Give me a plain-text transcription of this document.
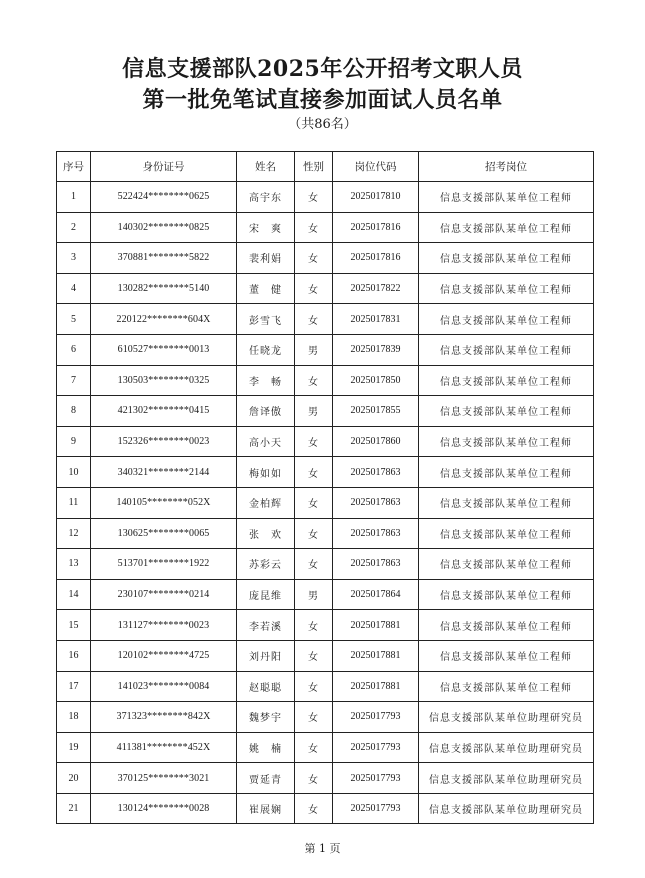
信息支援部队2025年公开招考文职人员
第一批免笔试直接参加面试人员名单
（共86名）
序号	身份证号	姓名	性别	岗位代码	招考岗位
1	522424********0625	高宇东	女	2025017810	信息支援部队某单位工程师
2	140302********0825	宋　爽	女	2025017816	信息支援部队某单位工程师
3	370881********5822	裴利娟	女	2025017816	信息支援部队某单位工程师
4	130282********5140	董　健	女	2025017822	信息支援部队某单位工程师
5	220122********604X	彭雪飞	女	2025017831	信息支援部队某单位工程师
6	610527********0013	任晓龙	男	2025017839	信息支援部队某单位工程师
7	130503********0325	李　畅	女	2025017850	信息支援部队某单位工程师
8	421302********0415	詹译傲	男	2025017855	信息支援部队某单位工程师
9	152326********0023	高小天	女	2025017860	信息支援部队某单位工程师
10	340321********2144	梅如如	女	2025017863	信息支援部队某单位工程师
11	140105********052X	金柏辉	女	2025017863	信息支援部队某单位工程师
12	130625********0065	张　欢	女	2025017863	信息支援部队某单位工程师
13	513701********1922	苏彩云	女	2025017863	信息支援部队某单位工程师
14	230107********0214	庞昆维	男	2025017864	信息支援部队某单位工程师
15	131127********0023	李若溪	女	2025017881	信息支援部队某单位工程师
16	120102********4725	刘丹阳	女	2025017881	信息支援部队某单位工程师
17	141023********0084	赵聪聪	女	2025017881	信息支援部队某单位工程师
18	371323********842X	魏梦宇	女	2025017793	信息支援部队某单位助理研究员
19	411381********452X	姚　楠	女	2025017793	信息支援部队某单位助理研究员
20	370125********3021	贾延青	女	2025017793	信息支援部队某单位助理研究员
21	130124********0028	崔展娴	女	2025017793	信息支援部队某单位助理研究员
第 1 页
